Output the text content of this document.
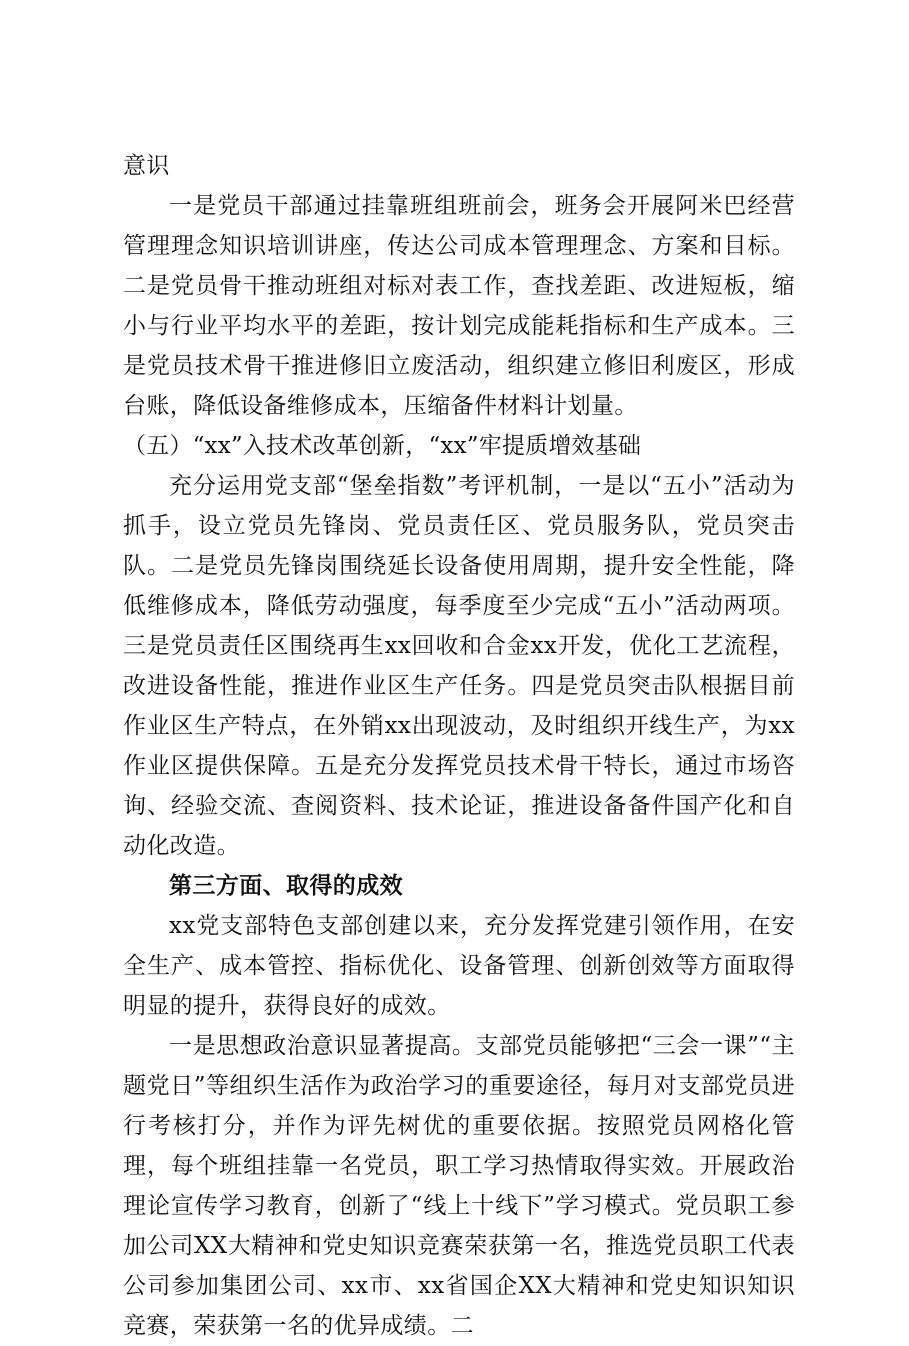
意识

一是党员干部通过挂靠班组班前会，班务会开展阿米巴经营管理理念知识培训讲座，传达公司成本管理理念、方案和目标。二是党员骨干推动班组对标对表工作，查找差距、改进短板，缩小与行业平均水平的差距，按计划完成能耗指标和生产成本。三是党员技术骨干推进修旧立废活动，组织建立修旧利废区，形成台账，降低设备维修成本，压缩备件材料计划量。

（五）“xx”入技术改革创新，“xx”牢提质增效基础

充分运用党支部“堡垒指数”考评机制，一是以“五小”活动为抓手，设立党员先锋岗、党员责任区、党员服务队，党员突击队。二是党员先锋岗围绕延长设备使用周期，提升安全性能，降低维修成本，降低劳动强度，每季度至少完成“五小”活动两项。三是党员责任区围绕再生xx回收和合金xx开发，优化工艺流程，改进设备性能，推进作业区生产任务。四是党员突击队根据目前作业区生产特点，在外销xx出现波动，及时组织开线生产，为xx作业区提供保障。五是充分发挥党员技术骨干特长，通过市场咨询、经验交流、查阅资料、技术论证，推进设备备件国产化和自动化改造。

第三方面、取得的成效

xx党支部特色支部创建以来，充分发挥党建引领作用，在安全生产、成本管控、指标优化、设备管理、创新创效等方面取得明显的提升，获得良好的成效。

一是思想政治意识显著提高。支部党员能够把“三会一课”“主题党日”等组织生活作为政治学习的重要途径，每月对支部党员进行考核打分，并作为评先树优的重要依据。按照党员网格化管理，每个班组挂靠一名党员，职工学习热情取得实效。开展政治理论宣传学习教育，创新了“线上十线下”学习模式。党员职工参加公司XX大精神和党史知识竞赛荣获第一名，推选党员职工代表公司参加集团公司、xx市、xx省国企XX大精神和党史知识知识竞赛，荣获第一名的优异成绩。二
